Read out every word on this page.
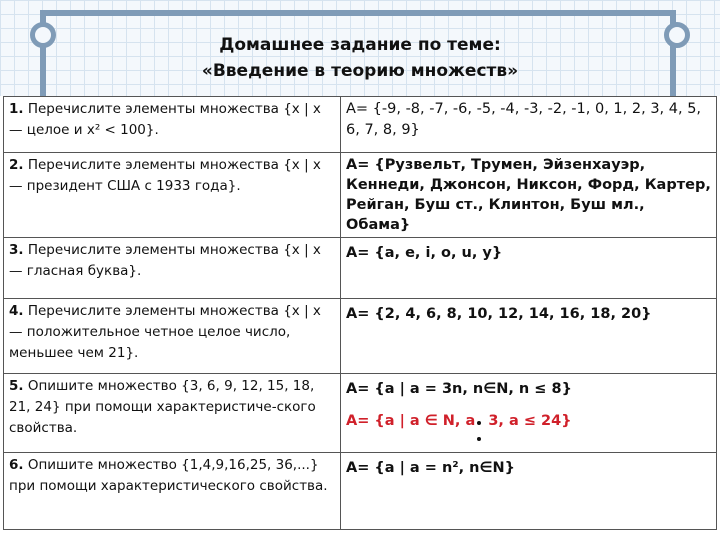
Домашнее задание по теме:
«Введение в теорию множеств»
1. Перечислите элементы множества {x | x — целое и x² < 100}.	A= {-9, -8, -7, -6, -5, -4, -3, -2, -1, 0, 1, 2, 3, 4, 5, 6, 7, 8, 9}
2. Перечислите элементы множества {x | x — президент США с 1933 года}.	A= {Рузвельт, Трумен, Эйзенхауэр, Кеннеди, Джонсон, Никсон, Форд, Картер, Рейган, Буш ст., Клинтон, Буш мл., Обама}
3. Перечислите элементы множества {x | x — гласная буква}.	A= {a, e, i, o, u, y}
4. Перечислите элементы множества {x | x — положительное четное целое число, меньшее чем 21}.	A= {2, 4, 6, 8, 10, 12, 14, 16, 18, 20}
5. Опишите множество {3, 6, 9, 12, 15, 18, 21, 24} при помощи характеристиче-ского свойства.	A= {a | a = 3n, n∈N, n ≤ 8}
A= {a | a ∈ N, a 3, a ≤ 24}

6. Опишите множество {1,4,9,16,25, 36,...} при помощи характеристического свойства.	A= {a | a = n², n∈N}
